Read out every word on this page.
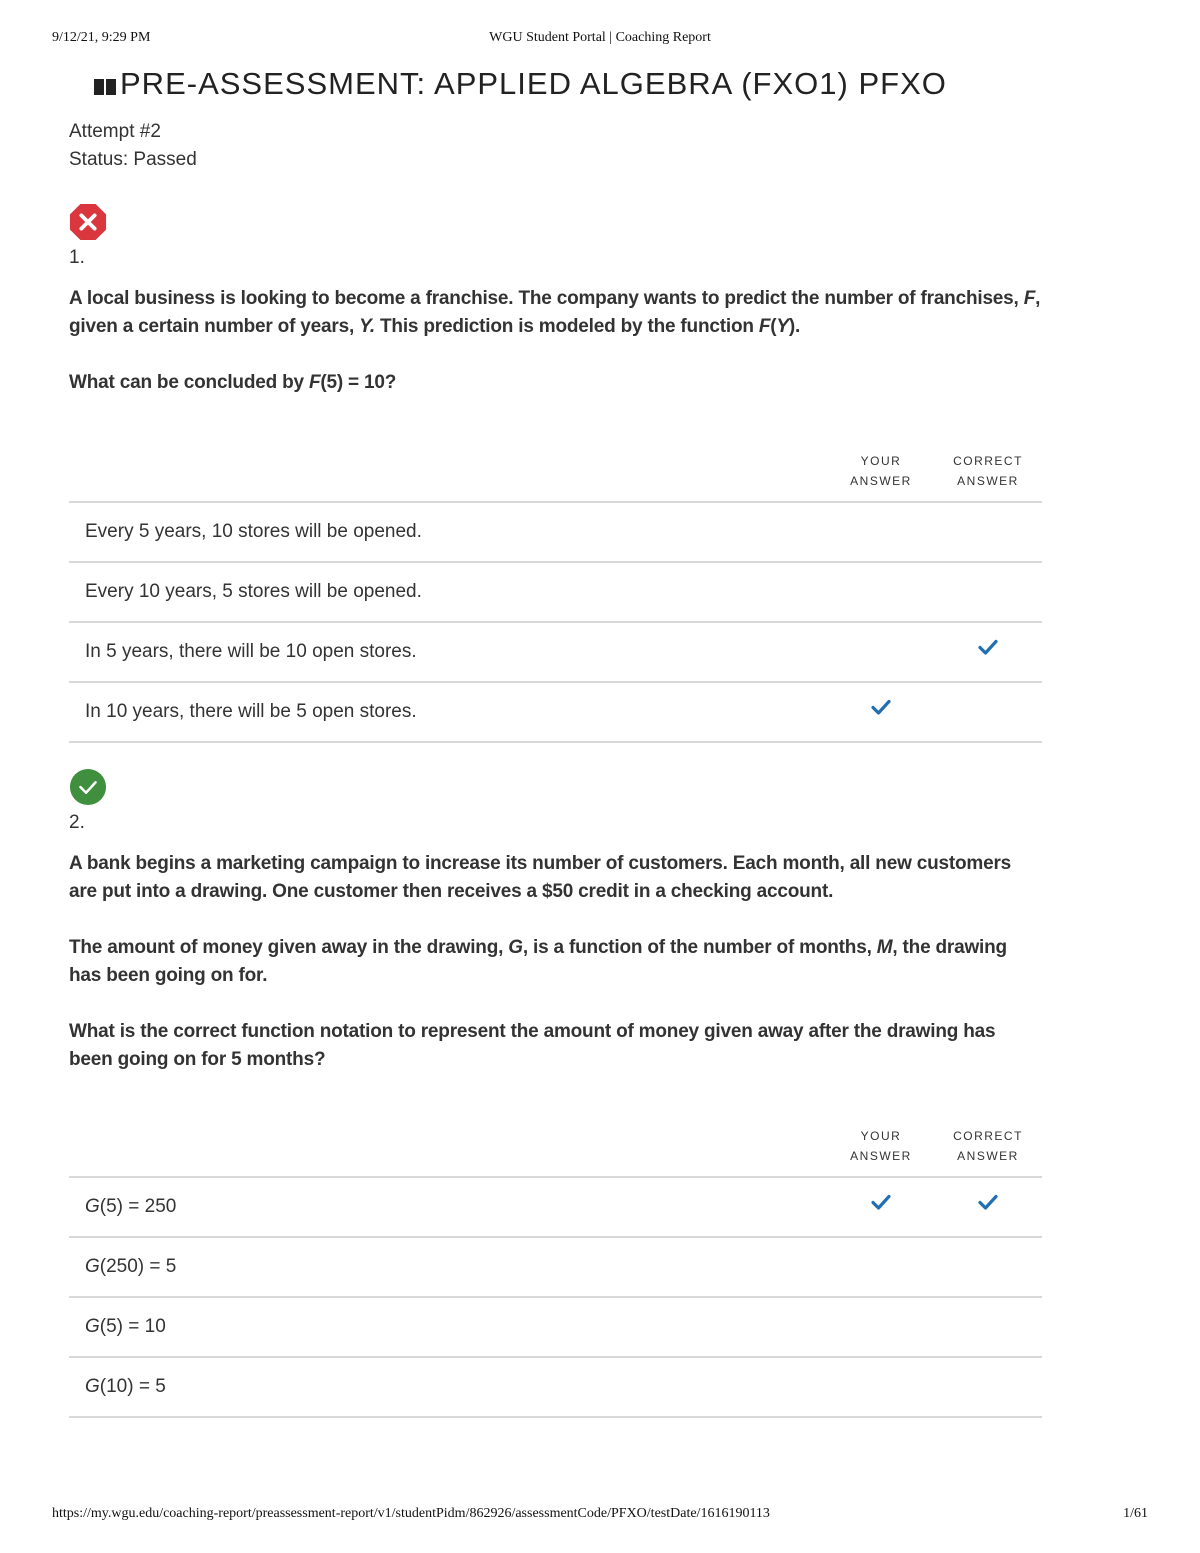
9/12/21, 9:29 PM	WGU Student Portal | Coaching Report
PRE-ASSESSMENT: APPLIED ALGEBRA (FXO1) PFXO
Attempt #2
Status: Passed
1.

A local business is looking to become a franchise. The company wants to predict the number of franchises, F, given a certain number of years, Y. This prediction is modeled by the function F(Y).

What can be concluded by F(5) = 10?

YOUR
ANSWER
CORRECT
ANSWER
Every 5 years, 10 stores will be opened.
Every 10 years, 5 stores will be opened.
In 5 years, there will be 10 open stores.
In 10 years, there will be 5 open stores.
2.

A bank begins a marketing campaign to increase its number of customers. Each month, all new customers are put into a drawing. One customer then receives a $50 credit in a checking account.

The amount of money given away in the drawing, G, is a function of the number of months, M, the drawing has been going on for.

What is the correct function notation to represent the amount of money given away after the drawing has been going on for 5 months?

YOUR
ANSWER
CORRECT
ANSWER
G(5) = 250
G(250) = 5
G(5) = 10
G(10) = 5
https://my.wgu.edu/coaching-report/preassessment-report/v1/studentPidm/862926/assessmentCode/PFXO/testDate/1616190113	1/61
